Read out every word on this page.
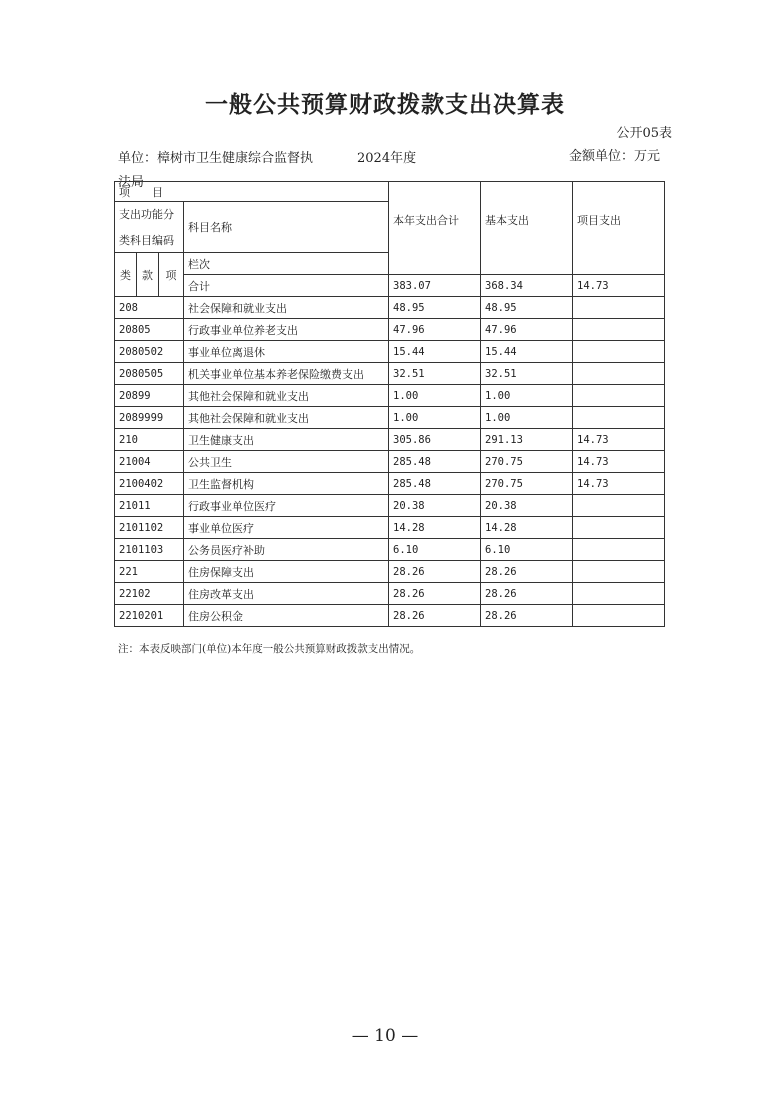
一般公共预算财政拨款支出决算表
公开05表
单位：樟树市卫生健康综合监督执
法局
2024年度	金额单位：万元
项　　目				本年支出合计	基本支出	项目支出	
支出功能分			科目名称				
类科目编码							
类	款	项	栏次			
			合计	383.07	368.34	14.73	
208			社会保障和就业支出	48.95	48.95		
20805			行政事业单位养老支出	47.96	47.96		
2080502			事业单位离退休	15.44	15.44		
2080505			机关事业单位基本养老保险缴费支出	32.51	32.51		
20899			其他社会保障和就业支出	1.00	1.00		
2089999			其他社会保障和就业支出	1.00	1.00		
210			卫生健康支出	305.86	291.13	14.73	
21004			公共卫生	285.48	270.75	14.73	
2100402			卫生监督机构	285.48	270.75	14.73	
21011			行政事业单位医疗	20.38	20.38		
2101102			事业单位医疗	14.28	14.28		
2101103			公务员医疗补助	6.10	6.10		
221			住房保障支出	28.26	28.26		
22102			住房改革支出	28.26	28.26		
2210201			住房公积金	28.26	28.26		
注：本表反映部门(单位)本年度一般公共预算财政拨款支出情况。
— 10 —
